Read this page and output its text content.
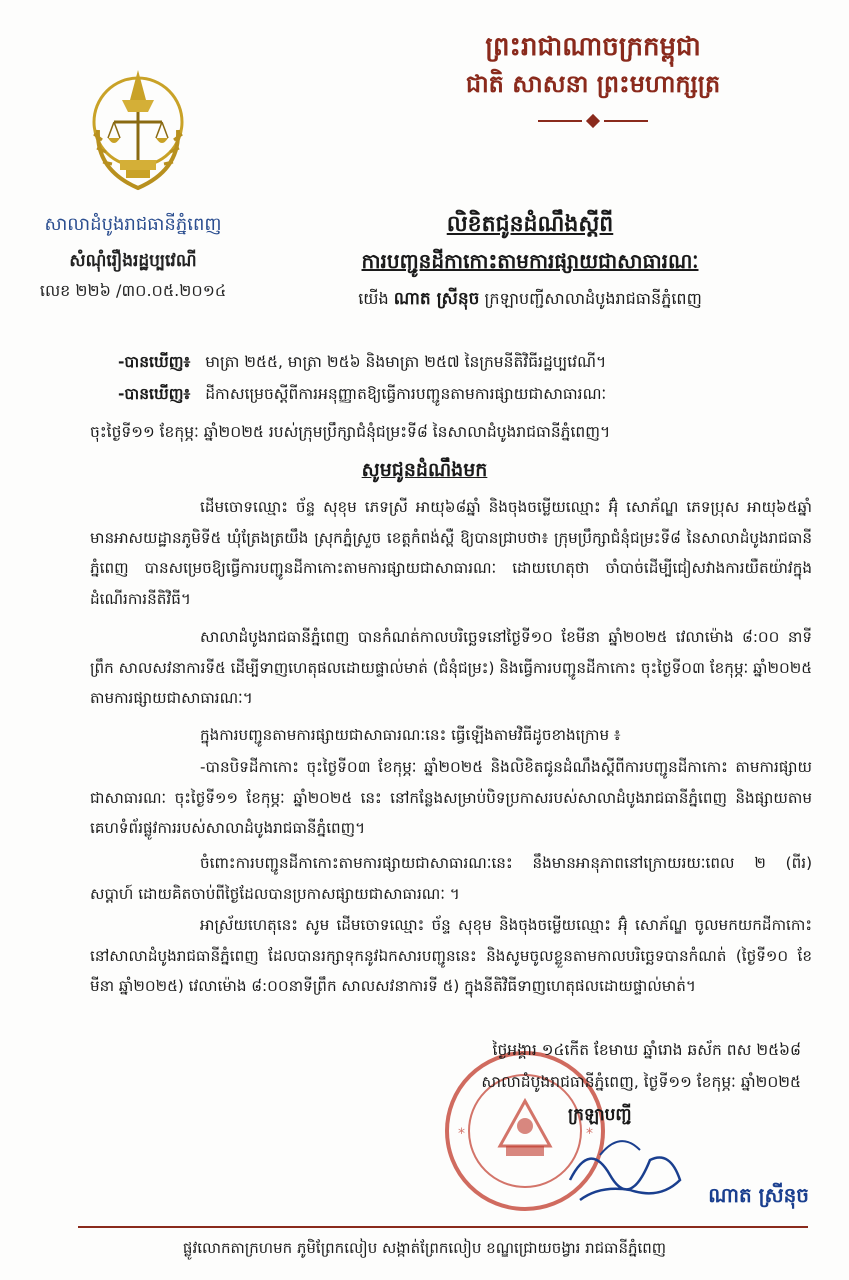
ព្រះរាជាណាចក្រកម្ពុជា
ជាតិ សាសនា ព្រះមហាក្សត្រ
សាលាដំបូងរាជធានីភ្នំពេញ
សំណុំរឿងរដ្ឋប្បវេណី
លេខ ២២៦ /៣០.០៥.២០១៤
លិខិតជូនដំណឹងស្តីពី
ការបញ្ជូនដីកាកោះតាមការផ្សាយជាសាធារណៈ
យើង ណាត ស្រីនុច ក្រឡាបញ្ជីសាលាដំបូងរាជធានីភ្នំពេញ
-បានឃើញ៖ មាត្រា ២៥៥, មាត្រា ២៥៦ និងមាត្រា ២៥៧ នៃក្រមនីតិវិធីរដ្ឋប្បវេណី។
-បានឃើញ៖ ដីកាសម្រេចស្តីពីការអនុញ្ញាតឱ្យធ្វើការបញ្ជូនតាមការផ្សាយជាសាធារណៈ
ចុះថ្ងៃទី១១ ខែកុម្ភៈ ឆ្នាំ២០២៥ របស់ក្រុមប្រឹក្សាជំនុំជម្រះទី៨ នៃសាលាដំបូងរាជធានីភ្នំពេញ។
សូមជូនដំណឹងមក
ដើមចោទឈ្មោះ ច័ន្ទ សុខុម ភេទស្រី អាយុ៦៨ឆ្នាំ និងចុងចម្លើយឈ្មោះ អ៊ុំ សោភ័ណ្ឌ ភេទប្រុស អាយុ៦៥ឆ្នាំ មានអាសយដ្ឋានភូមិទី៥ ឃុំត្រែងត្រយឹង ស្រុកភ្នំស្រួច ខេត្តកំពង់ស្ពឺ ឱ្យបានជ្រាបថា៖ ក្រុមប្រឹក្សាជំនុំជម្រះទី៨ នៃសាលាដំបូងរាជធានីភ្នំពេញ បានសម្រេចឱ្យធ្វើការបញ្ជូនដីកាកោះតាមការផ្សាយជាសាធារណៈ ដោយហេតុថា ចាំបាច់ដើម្បីជៀសវាងការយឺតយ៉ាវក្នុងដំណើរការនីតិវិធី។
សាលាដំបូងរាជធានីភ្នំពេញ បានកំណត់កាលបរិច្ឆេទនៅថ្ងៃទី១០ ខែមីនា ឆ្នាំ២០២៥ វេលាម៉ោង ៨:០០ នាទីព្រឹក សាលសវនាការទី៥ ដើម្បីទាញហេតុផលដោយផ្ទាល់មាត់ (ជំនុំជម្រះ) និងធ្វើការបញ្ជូនដីកាកោះ ចុះថ្ងៃទី០៣ ខែកុម្ភៈ ឆ្នាំ២០២៥ តាមការផ្សាយជាសាធារណៈ។
ក្នុងការបញ្ជូនតាមការផ្សាយជាសាធារណៈនេះ ធ្វើឡើងតាមវិធីដូចខាងក្រោម ៖
-បានបិទដីកាកោះ ចុះថ្ងៃទី០៣ ខែកុម្ភៈ ឆ្នាំ២០២៥ និងលិខិតជូនដំណឹងស្តីពីការបញ្ជូនដីកាកោះ តាមការផ្សាយជាសាធារណៈ ចុះថ្ងៃទី១១ ខែកុម្ភៈ ឆ្នាំ២០២៥ នេះ នៅកន្លែងសម្រាប់បិទប្រកាសរបស់សាលាដំបូងរាជធានីភ្នំពេញ និងផ្សាយតាមគេហទំព័រផ្លូវការរបស់សាលាដំបូងរាជធានីភ្នំពេញ។
ចំពោះការបញ្ជូនដីកាកោះតាមការផ្សាយជាសាធារណៈនេះ នឹងមានអានុភាពនៅក្រោយរយៈពេល ២ (ពីរ) សប្តាហ៍ ដោយគិតចាប់ពីថ្ងៃដែលបានប្រកាសផ្សាយជាសាធារណៈ ។
អាស្រ័យហេតុនេះ សូម ដើមចោទឈ្មោះ ច័ន្ទ សុខុម និងចុងចម្លើយឈ្មោះ អ៊ុំ សោភ័ណ្ឌ ចូលមកយកដីកាកោះនៅសាលាដំបូងរាជធានីភ្នំពេញ ដែលបានរក្សាទុកនូវឯកសារបញ្ជូននេះ និងសូមចូលខ្លួនតាមកាលបរិច្ឆេទបានកំណត់ (ថ្ងៃទី១០ ខែមីនា ឆ្នាំ២០២៥) វេលាម៉ោង ៨:០០នាទីព្រឹក សាលសវនាការទី ៥) ក្នុងនីតិវិធីទាញហេតុផលដោយផ្ទាល់មាត់។
*	*
ថ្ងៃអង្គារ ១៤កើត ខែមាឃ ឆ្នាំរោង ឆស័ក ពស ២៥៦៨
សាលាដំបូងរាជធានីភ្នំពេញ, ថ្ងៃទី១១ ខែកុម្ភៈ ឆ្នាំ២០២៥
ក្រឡាបញ្ជី
ណាត ស្រីនុច
ផ្លូវលោកតាក្រហមក ភូមិព្រែកលៀប សង្កាត់ព្រែកលៀប ខណ្ឌជ្រោយចង្វារ រាជធានីភ្នំពេញ
